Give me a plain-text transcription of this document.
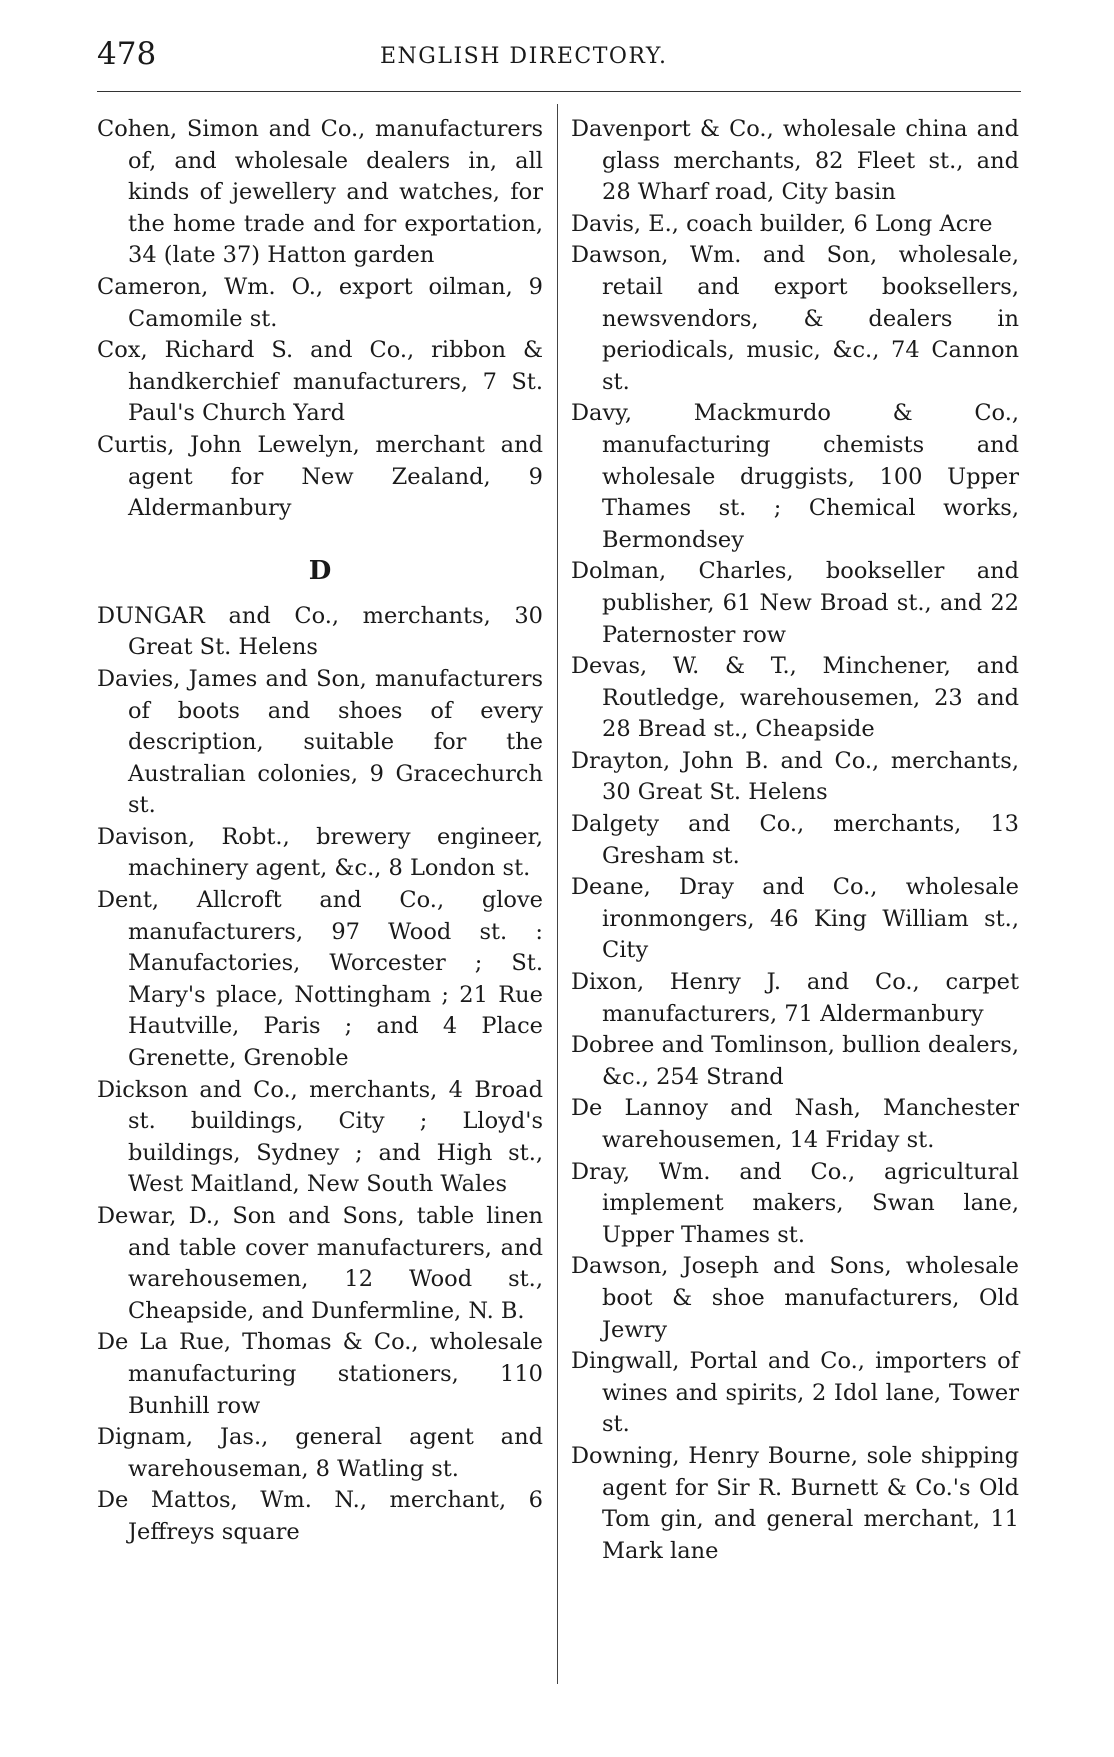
478	ENGLISH DIRECTORY.

Cohen, Simon and Co., manufacturers of, and wholesale dealers in, all kinds of jewellery and watches, for the home trade and for exportation, 34 (late 37) Hatton garden

Cameron, Wm. O., export oilman, 9 Camomile st.

Cox, Richard S. and Co., ribbon & handkerchief manufacturers, 7 St. Paul's Church Yard

Curtis, John Lewelyn, merchant and agent for New Zealand, 9 Aldermanbury

D

DUNGAR and Co., merchants, 30 Great St. Helens

Davies, James and Son, manufacturers of boots and shoes of every description, suitable for the Australian colonies, 9 Gracechurch st.

Davison, Robt., brewery engineer, machinery agent, &c., 8 London st.

Dent, Allcroft and Co., glove manufacturers, 97 Wood st. : Manufactories, Worcester ; St. Mary's place, Nottingham ; 21 Rue Hautville, Paris ; and 4 Place Grenette, Grenoble

Dickson and Co., merchants, 4 Broad st. buildings, City ; Lloyd's buildings, Sydney ; and High st., West Maitland, New South Wales

Dewar, D., Son and Sons, table linen and table cover manufacturers, and warehousemen, 12 Wood st., Cheapside, and Dunfermline, N. B.

De La Rue, Thomas & Co., wholesale manufacturing stationers, 110 Bunhill row

Dignam, Jas., general agent and warehouseman, 8 Watling st.

De Mattos, Wm. N., merchant, 6 Jeffreys square

Davenport & Co., wholesale china and glass merchants, 82 Fleet st., and 28 Wharf road, City basin

Davis, E., coach builder, 6 Long Acre

Dawson, Wm. and Son, wholesale, retail and export booksellers, newsvendors, & dealers in periodicals, music, &c., 74 Cannon st.

Davy, Mackmurdo & Co., manufacturing chemists and wholesale druggists, 100 Upper Thames st. ; Chemical works, Bermondsey

Dolman, Charles, bookseller and publisher, 61 New Broad st., and 22 Paternoster row

Devas, W. & T., Minchener, and Routledge, warehousemen, 23 and 28 Bread st., Cheapside

Drayton, John B. and Co., merchants, 30 Great St. Helens

Dalgety and Co., merchants, 13 Gresham st.

Deane, Dray and Co., wholesale ironmongers, 46 King William st., City

Dixon, Henry J. and Co., carpet manufacturers, 71 Aldermanbury

Dobree and Tomlinson, bullion dealers, &c., 254 Strand

De Lannoy and Nash, Manchester warehousemen, 14 Friday st.

Dray, Wm. and Co., agricultural implement makers, Swan lane, Upper Thames st.

Dawson, Joseph and Sons, wholesale boot & shoe manufacturers, Old Jewry

Dingwall, Portal and Co., importers of wines and spirits, 2 Idol lane, Tower st.

Downing, Henry Bourne, sole shipping agent for Sir R. Burnett & Co.'s Old Tom gin, and general merchant, 11 Mark lane
